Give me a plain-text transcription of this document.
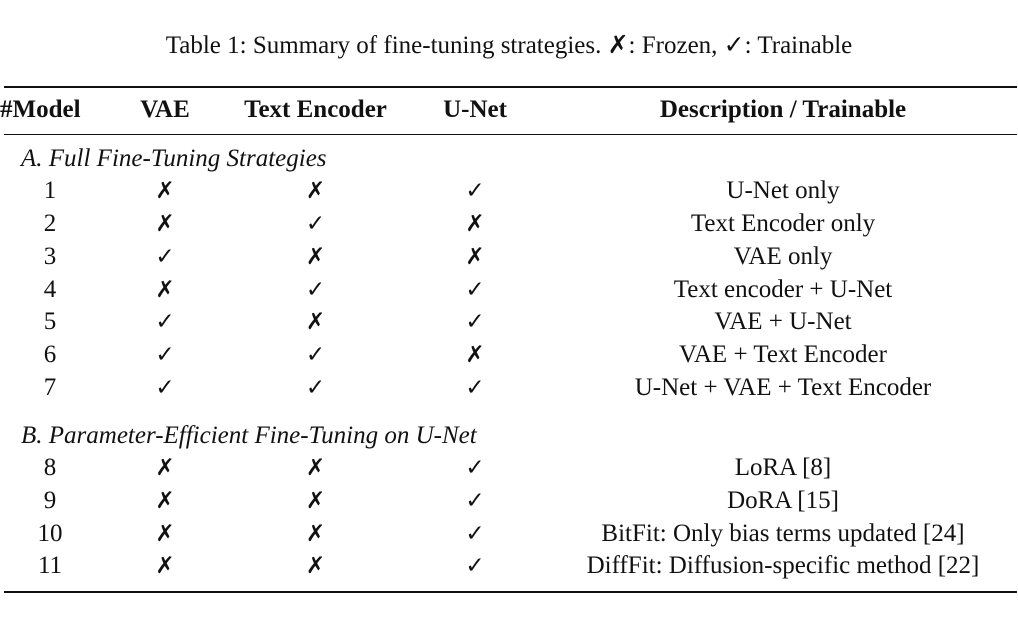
Table 1: Summary of fine-tuning strategies. ✗: Frozen, ✓: Trainable
#Model	VAE	Text Encoder	U-Net	Description / Trainable
A. Full Fine-Tuning Strategies
1	✗	✗	✓	U-Net only
2	✗	✓	✗	Text Encoder only
3	✓	✗	✗	VAE only
4	✗	✓	✓	Text encoder + U-Net
5	✓	✗	✓	VAE + U-Net
6	✓	✓	✗	VAE + Text Encoder
7	✓	✓	✓	U-Net + VAE + Text Encoder
B. Parameter-Efficient Fine-Tuning on U-Net
8	✗	✗	✓	LoRA [8]
9	✗	✗	✓	DoRA [15]
10	✗	✗	✓	BitFit: Only bias terms updated [24]
11	✗	✗	✓	DiffFit: Diffusion-specific method [22]
